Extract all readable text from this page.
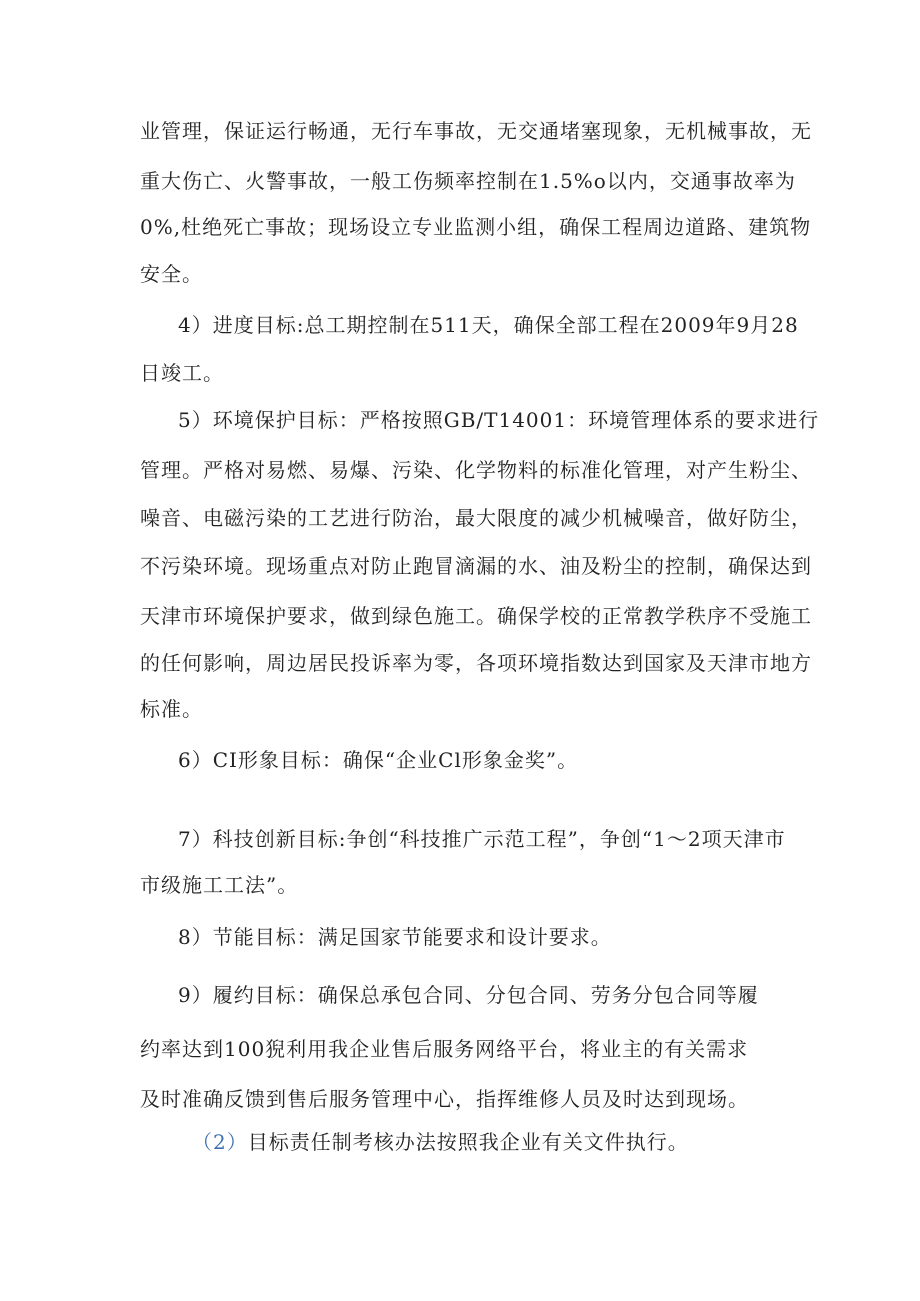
业管理，保证运行畅通，无行车事故，无交通堵塞现象，无机械事故，无
重大伤亡、火警事故，一般工伤频率控制在1.5%o以内，交通事故率为
0%,杜绝死亡事故；现场设立专业监测小组，确保工程周边道路、建筑物
安全。
4）进度目标:总工期控制在511天，确保全部工程在2009年9月28
日竣工。
5）环境保护目标：严格按照GB/T14001：环境管理体系的要求进行
管理。严格对易燃、易爆、污染、化学物料的标准化管理，对产生粉尘、
噪音、电磁污染的工艺进行防治，最大限度的减少机械噪音，做好防尘，
不污染环境。现场重点对防止跑冒滴漏的水、油及粉尘的控制，确保达到
天津市环境保护要求，做到绿色施工。确保学校的正常教学秩序不受施工
的任何影响，周边居民投诉率为零，各项环境指数达到国家及天津市地方
标准。
6）CI形象目标：确保“企业Cl形象金奖”。
7）科技创新目标:争创“科技推广示范工程”，争创“1～2项天津市
市级施工工法”。
8）节能目标：满足国家节能要求和设计要求。
9）履约目标：确保总承包合同、分包合同、劳务分包合同等履
约率达到100猊利用我企业售后服务网络平台，将业主的有关需求
及时准确反馈到售后服务管理中心，指挥维修人员及时达到现场。
（2）目标责任制考核办法按照我企业有关文件执行。
